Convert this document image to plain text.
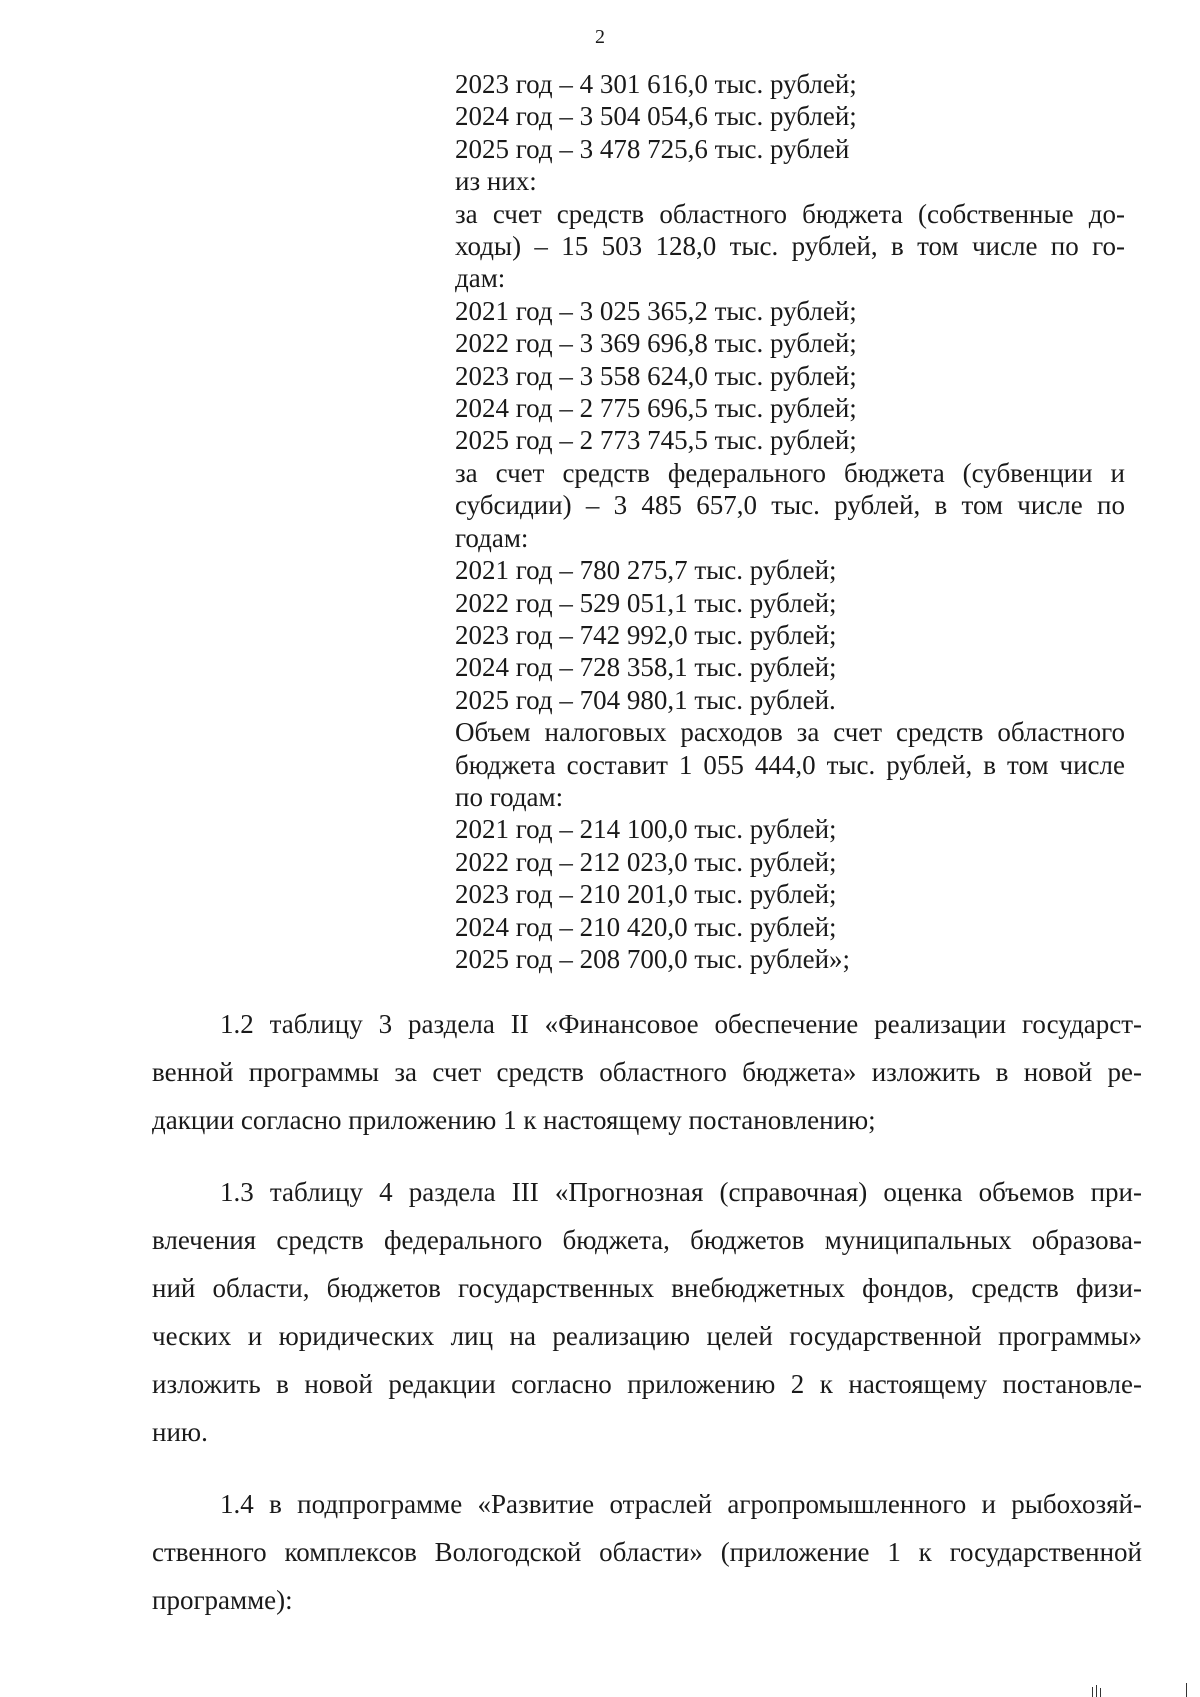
2
2023 год – 4 301 616,0 тыс. рублей;
2024 год – 3 504 054,6 тыс. рублей;
2025 год – 3 478 725,6 тыс. рублей
из них:
за счет средств областного бюджета (собственные до-
ходы) – 15 503 128,0 тыс. рублей, в том числе по го-
дам:
2021 год – 3 025 365,2 тыс. рублей;
2022 год – 3 369 696,8 тыс. рублей;
2023 год – 3 558 624,0 тыс. рублей;
2024 год – 2 775 696,5 тыс. рублей;
2025 год – 2 773 745,5 тыс. рублей;
за счет средств федерального бюджета (субвенции и
субсидии) – 3 485 657,0 тыс. рублей, в том числе по
годам:
2021 год – 780 275,7 тыс. рублей;
2022 год – 529 051,1 тыс. рублей;
2023 год – 742 992,0 тыс. рублей;
2024 год – 728 358,1 тыс. рублей;
2025 год – 704 980,1 тыс. рублей.
Объем налоговых расходов за счет средств областного
бюджета составит 1 055 444,0 тыс. рублей, в том числе
по годам:
2021 год – 214 100,0 тыс. рублей;
2022 год – 212 023,0 тыс. рублей;
2023 год – 210 201,0 тыс. рублей;
2024 год – 210 420,0 тыс. рублей;
2025 год – 208 700,0 тыс. рублей»;
1.2 таблицу 3 раздела II «Финансовое обеспечение реализации государст-
венной программы за счет средств областного бюджета» изложить в новой ре-
дакции согласно приложению 1 к настоящему постановлению;
1.3 таблицу 4 раздела III «Прогнозная (справочная) оценка объемов при-
влечения средств федерального бюджета, бюджетов муниципальных образова-
ний области, бюджетов государственных внебюджетных фондов, средств физи-
ческих и юридических лиц на реализацию целей государственной программы»
изложить в новой редакции согласно приложению 2 к настоящему постановле-
нию.
1.4 в подпрограмме «Развитие отраслей агропромышленного и рыбохозяй-
ственного комплексов Вологодской области» (приложение 1 к государственной
программе):
